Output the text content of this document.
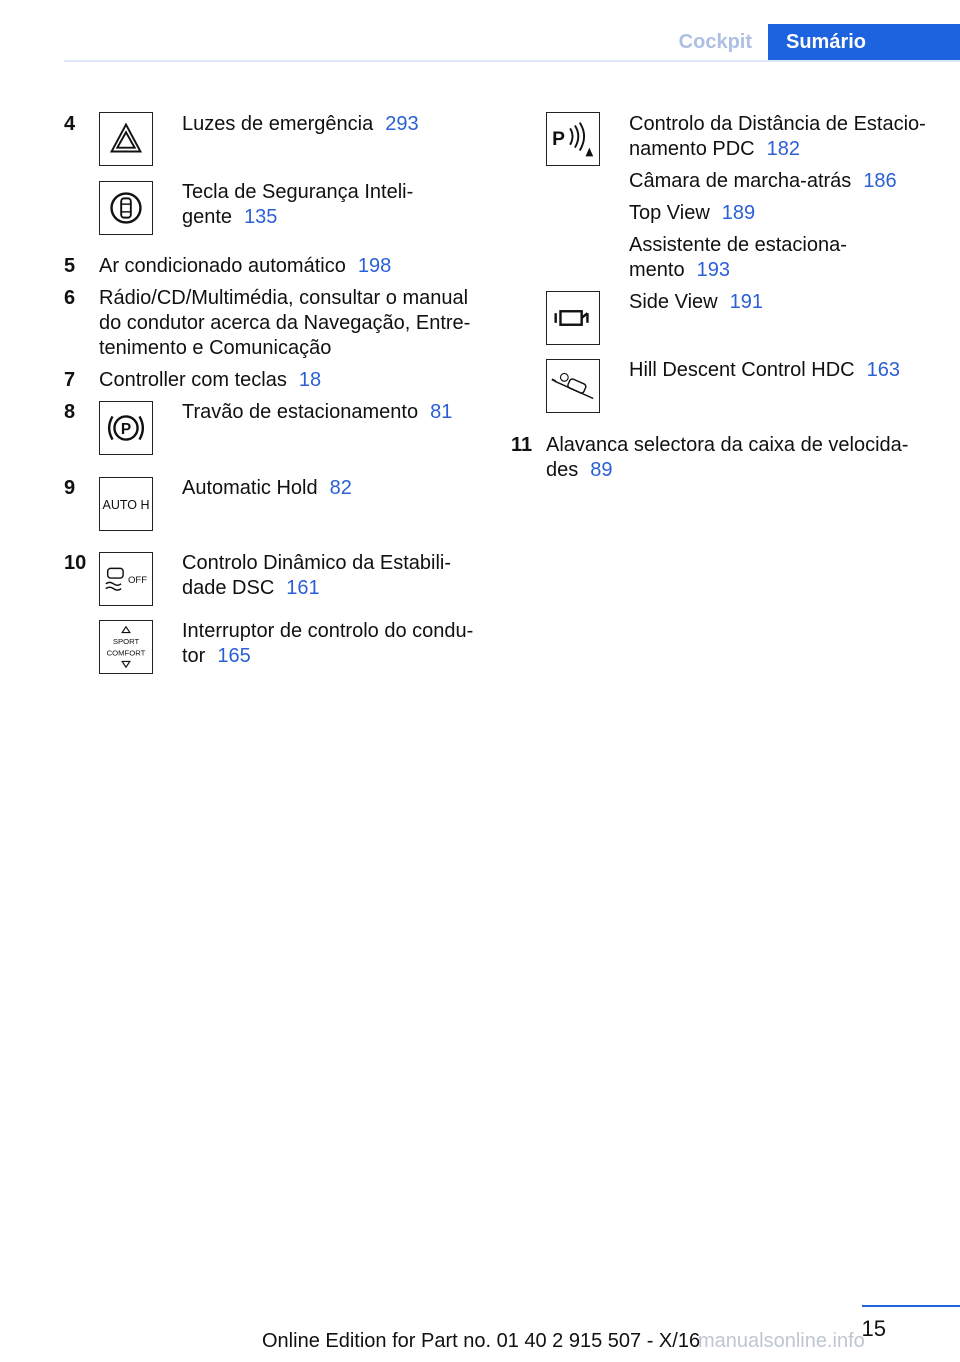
Cockpit	Sumário
4	Luzes de emergência 293
Tecla de Segurança Inteli-
gente 135
5 Ar condicionado automático 198
6 Rádio/CD/Multimédia, consultar o manual
do condutor acerca da Navegação, Entre-
tenimento e Comunicação
7 Controller com teclas 18
8
P
Travão de estacionamento 81
9
AUTO H
Automatic Hold 82
10
OFF
Controlo Dinâmico da Estabili-
dade DSC 161
SPORT
COMFORT
Interruptor de controlo do condu-
tor 165
P
Controlo da Distância de Estacio-
namento PDC 182
Câmara de marcha-atrás 186
Top View 189
Assistente de estaciona-
mento 193
Side View 191
Hill Descent Control HDC 163
11 Alavanca selectora da caixa de velocida-
des 89
15
Online Edition for Part no. 01 40 2 915 507 - X/16
manualsonline.info
